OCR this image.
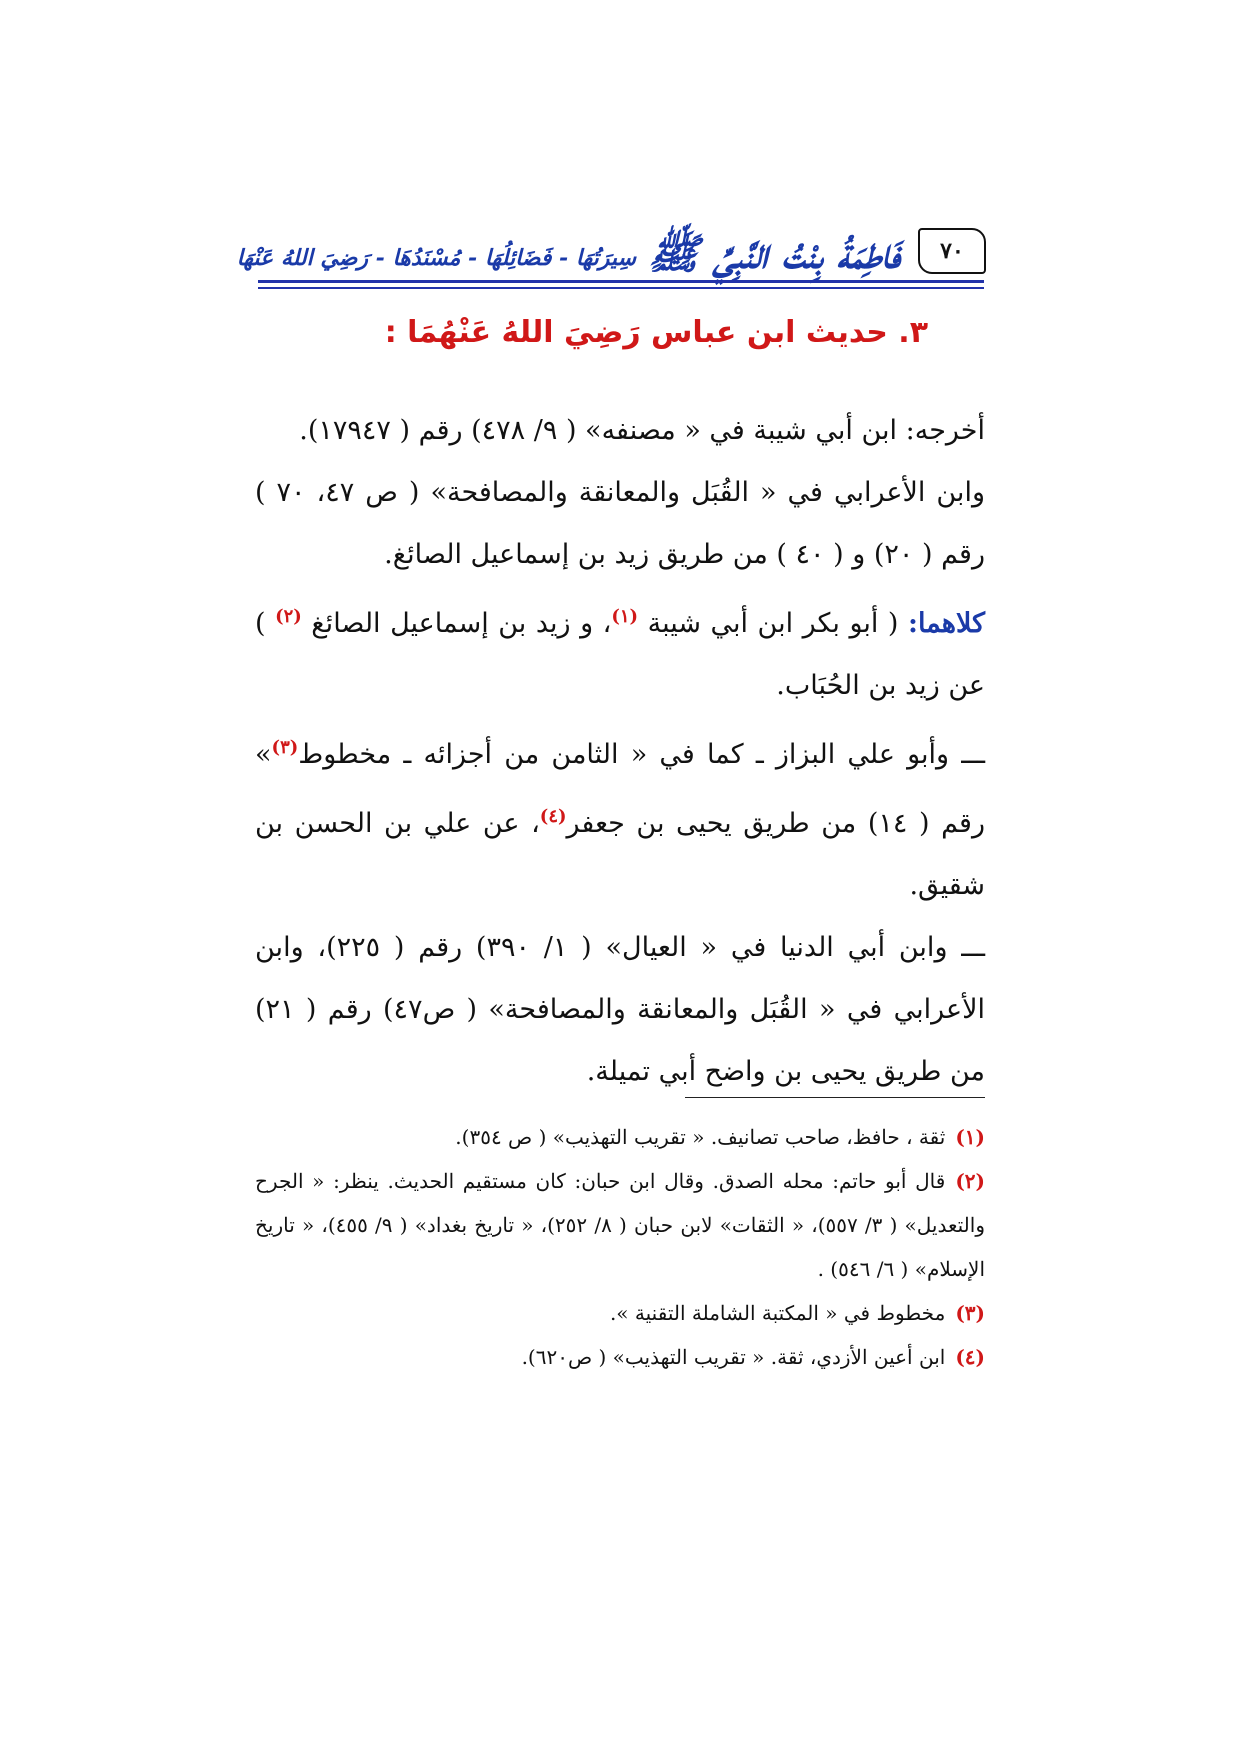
٧٠
فَاطِمَةُ بِنْتُ النَّبِيِّ ﷺ
سِيرَتُهَا - فَضَائِلُهَا - مُسْنَدُهَا - رَضِيَ اللهُ عَنْهَا
٣. حديث ابن عباس رَضِيَ اللهُ عَنْهُمَا :

أخرجه: ابن أبي شيبة في « مصنفه» ( ٩/ ٤٧٨) رقم ( ١٧٩٤٧).

وابن الأعرابي في « القُبَل والمعانقة والمصافحة» ( ص ٤٧، ٧٠ ) رقم ( ٢٠) و ( ٤٠ ) من طريق زيد بن إسماعيل الصائغ.

كلاهما: ( أبو بكر ابن أبي شيبة $^{(١)}$، و زيد بن إسماعيل الصائغ $^{(٢)}$ ) عن زيد بن الحُبَاب.

ـــ وأبو علي البزاز ـ كما في « الثامن من أجزائه ـ مخطوط$^{(٣)}$» رقم ( ١٤) من طريق يحيى بن جعفر$^{(٤)}$، عن علي بن الحسن بن شقيق.

ـــ وابن أبي الدنيا في « العيال» ( ١/ ٣٩٠) رقم ( ٢٢٥)، وابن الأعرابي في « القُبَل والمعانقة والمصافحة» ( ص٤٧) رقم ( ٢١) من طريق يحيى بن واضح أبي تميلة.

(١)ثقة ، حافظ، صاحب تصانيف. « تقريب التهذيب» ( ص ٣٥٤).

(٢)قال أبو حاتم: محله الصدق. وقال ابن حبان: كان مستقيم الحديث. ينظر: « الجرح والتعديل» ( ٣/ ٥٥٧)، « الثقات» لابن حبان ( ٨/ ٢٥٢)، « تاريخ بغداد» ( ٩/ ٤٥٥)، « تاريخ الإسلام» ( ٦/ ٥٤٦) .

(٣)مخطوط في « المكتبة الشاملة التقنية ».

(٤)ابن أعين الأزدي، ثقة. « تقريب التهذيب» ( ص٦٢٠).
